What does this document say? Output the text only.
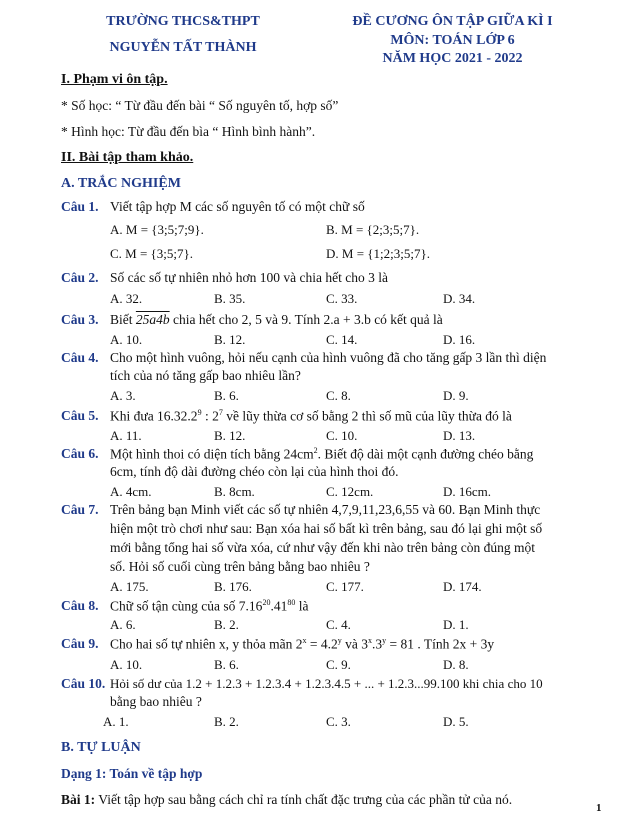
TRƯỜNG THCS&THPT
NGUYỄN TẤT THÀNH
ĐỀ CƯƠNG ÔN TẬP GIỮA KÌ I
MÔN: TOÁN LỚP 6
NĂM HỌC 2021 - 2022
I. Phạm vi ôn tập.
* Số học: “ Từ đầu đến bài “ Số nguyên tố, hợp số”
* Hình học: Từ đầu đến bìa “ Hình bình hành”.
II. Bài tập tham khảo.
A. TRẮC NGHIỆM
Câu 1. Viết tập hợp M các số nguyên tố có một chữ số
A. M = {3;5;7;9}.	B. M = {2;3;5;7}.
C. M = {3;5;7}.	D. M = {1;2;3;5;7}.
Câu 2. Số các số tự nhiên nhỏ hơn 100 và chia hết cho 3 là
A. 32.	B. 35.	C. 33.	D. 34.
Câu 3. Biết 25a4b chia hết cho 2, 5 và 9. Tính 2.a + 3.b có kết quả là
A. 10.	B. 12.	C. 14.	D. 16.
Câu 4. Cho một hình vuông, hỏi nếu cạnh của hình vuông đã cho tăng gấp 3 lần thì diện
tích của nó tăng gấp bao nhiêu lần?
A. 3.	B. 6.	C. 8.	D. 9.
Câu 5. Khi đưa 16.32.2$^9$ : $2^7$ về lũy thừa cơ số bằng 2 thì số mũ của lũy thừa đó là
A. 11.	B. 12.	C. 10.	D. 13.
Câu 6. Một hình thoi có diện tích bằng $24cm^2$. Biết độ dài một cạnh đường chéo bằng
6cm, tính độ dài đường chéo còn lại của hình thoi đó.
A. 4cm.	B. 8cm.	C. 12cm.	D. 16cm.
Câu 7. Trên bảng bạn Minh viết các số tự nhiên 4,7,9,11,23,6,55 và 60. Bạn Minh thực
hiện một trò chơi như sau: Bạn xóa hai số bất kì trên bảng, sau đó lại ghi một số
mới bằng tổng hai số vừa xóa, cứ như vậy đến khi nào trên bảng còn đúng một
số. Hỏi số cuối cùng trên bảng bằng bao nhiêu ?
A. 175.	B. 176.	C. 177.	D. 174.
Câu 8. Chữ số tận cùng của số $7.16^{20}.41^{80}$ là
A. 6.	B. 2.	C. 4.	D. 1.
Câu 9. Cho hai số tự nhiên x, y thỏa mãn $2^x = 4.2^y$ và $3^x.3^y = 81$ . Tính 2x + 3y
A. 10.	B. 6.	C. 9.	D. 8.
Câu 10. Hỏi số dư của 1.2 + 1.2.3 + 1.2.3.4 + 1.2.3.4.5 + ... + 1.2.3...99.100 khi chia cho 10
bằng bao nhiêu ?
A. 1.	B. 2.	C. 3.	D. 5.
B. TỰ LUẬN
Dạng 1: Toán về tập hợp
Bài 1: Viết tập hợp sau bằng cách chỉ ra tính chất đặc trưng của các phần tử của nó.
1
